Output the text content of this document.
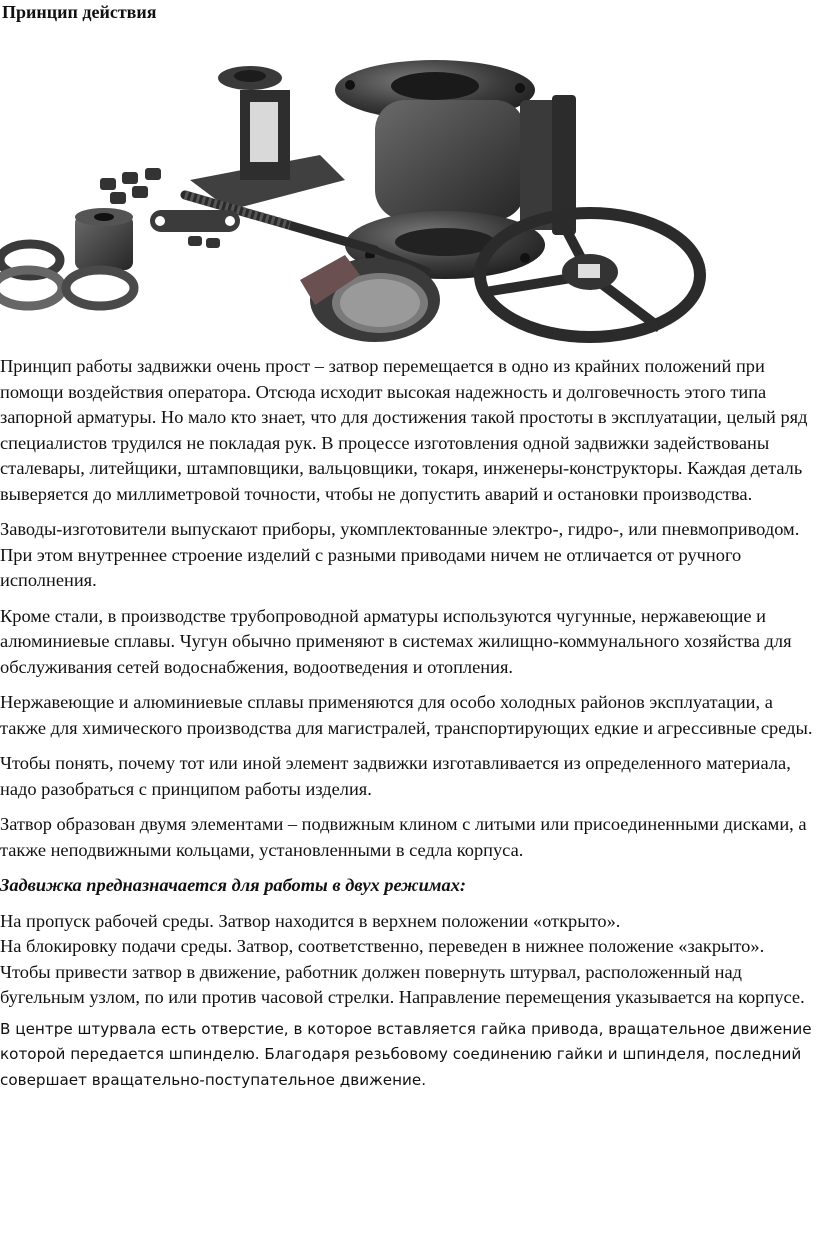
Принцип действия

Принцип работы задвижки очень прост – затвор перемещается в одно из крайних положений при помощи воздействия оператора. Отсюда исходит высокая надежность и долговечность этого типа запорной арматуры. Но мало кто знает, что для достижения такой простоты в эксплуатации, целый ряд специалистов трудился не покладая рук. В процессе изготовления одной задвижки задействованы сталевары, литейщики, штамповщики, вальцовщики, токаря, инженеры-конструкторы. Каждая деталь выверяется до миллиметровой точности, чтобы не допустить аварий и остановки производства.

Заводы-изготовители выпускают приборы, укомплектованные электро-, гидро-, или пневмоприводом. При этом внутреннее строение изделий с разными приводами ничем не отличается от ручного исполнения.

Кроме стали, в производстве трубопроводной арматуры используются чугунные, нержавеющие и алюминиевые сплавы. Чугун обычно применяют в системах жилищно-коммунального хозяйства для обслуживания сетей водоснабжения, водоотведения и отопления.

Нержавеющие и алюминиевые сплавы применяются для особо холодных районов эксплуатации, а также для химического производства для магистралей, транспортирующих едкие и агрессивные среды.

Чтобы понять, почему тот или иной элемент задвижки изготавливается из определенного материала, надо разобраться с принципом работы изделия.

Затвор образован двумя элементами – подвижным клином с литыми или присоединенными дисками, а также неподвижными кольцами, установленными в седла корпуса.

Задвижка предназначается для работы в двух режимах:

На пропуск рабочей среды. Затвор находится в верхнем положении «открыто».
На блокировку подачи среды. Затвор, соответственно, переведен в нижнее положение «закрыто».
Чтобы привести затвор в движение, работник должен повернуть штурвал, расположенный над бугельным узлом, по или против часовой стрелки. Направление перемещения указывается на корпусе.

В центре штурвала есть отверстие, в которое вставляется гайка привода, вращательное движение которой передается шпинделю. Благодаря резьбовому соединению гайки и шпинделя, последний совершает вращательно-поступательное движение.
